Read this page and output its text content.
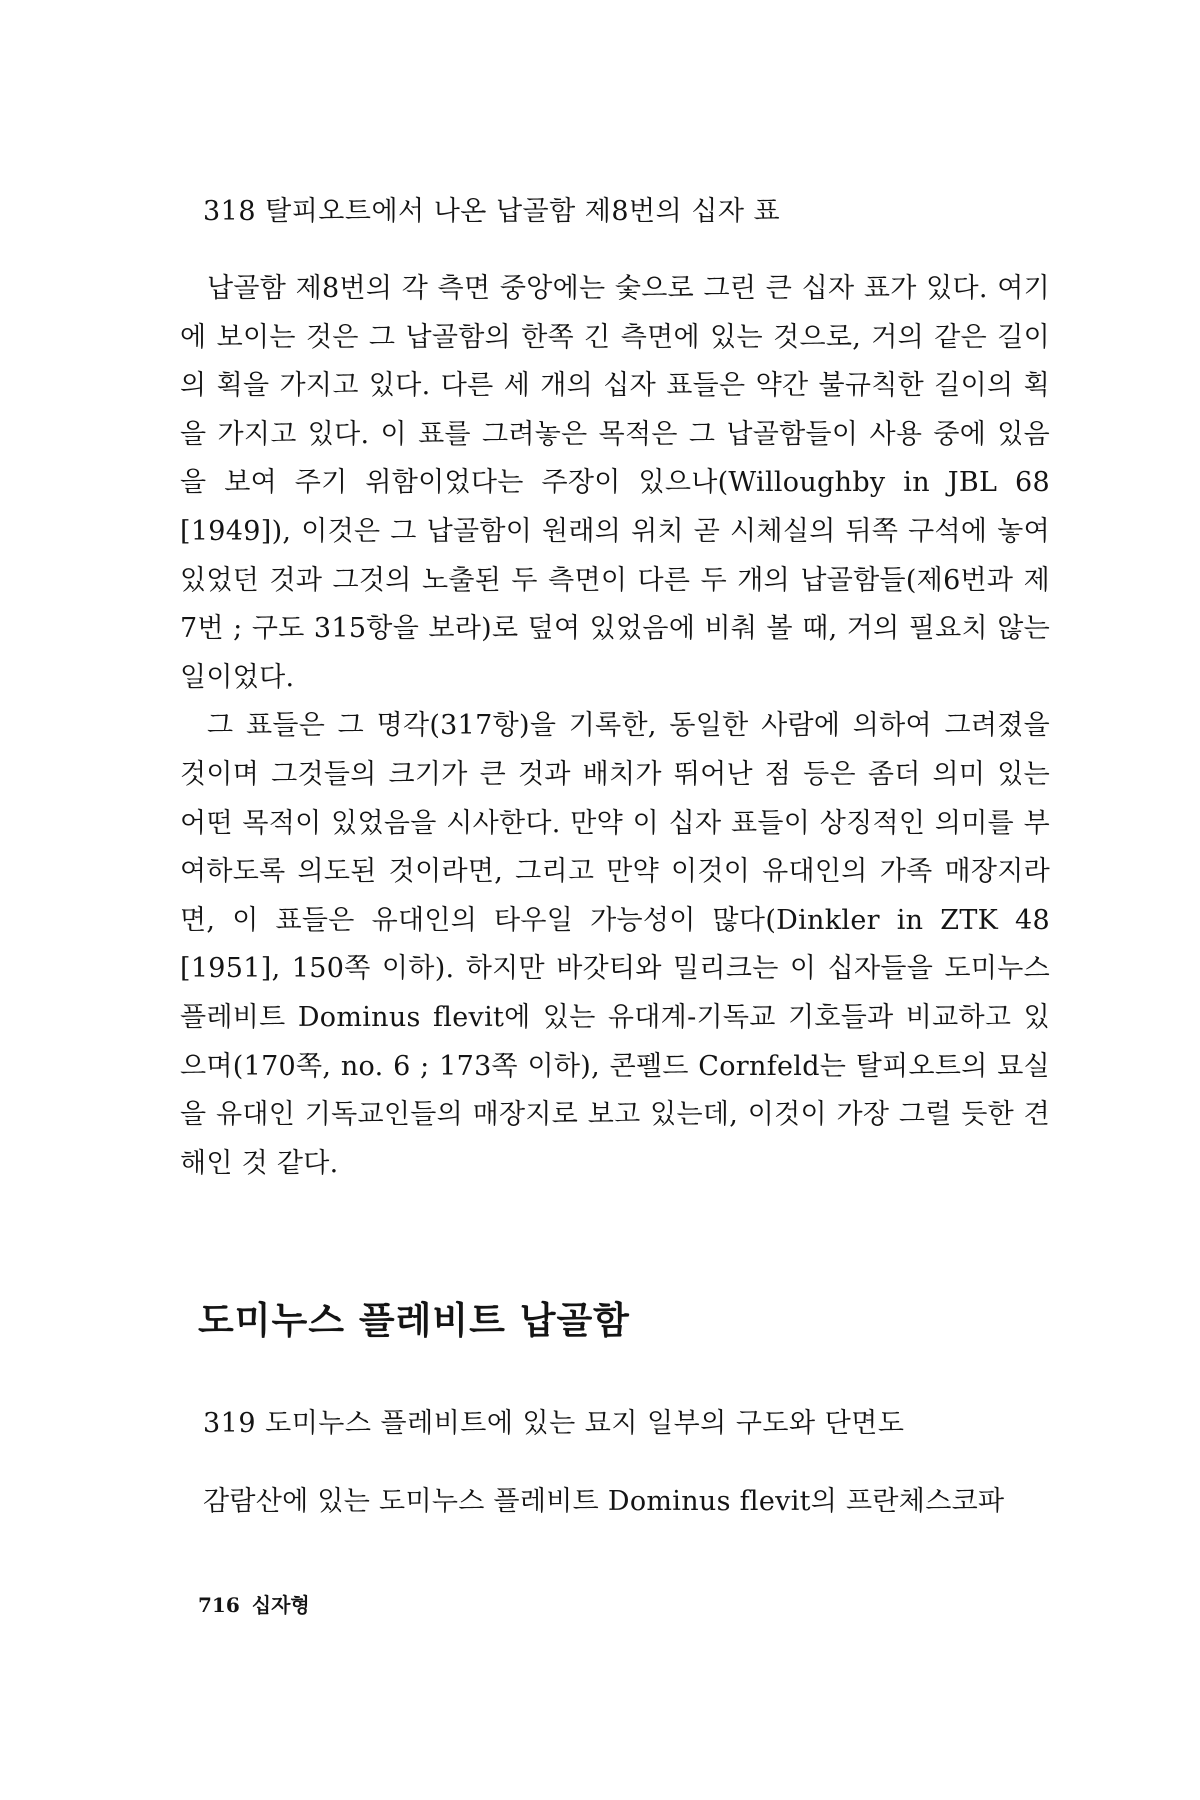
318 탈피오트에서 나온 납골함 제8번의 십자 표

납골함 제8번의 각 측면 중앙에는 숯으로 그린 큰 십자 표가 있다. 여기에 보이는 것은 그 납골함의 한쪽 긴 측면에 있는 것으로, 거의 같은 길이의 획을 가지고 있다. 다른 세 개의 십자 표들은 약간 불규칙한 길이의 획을 가지고 있다. 이 표를 그려놓은 목적은 그 납골함들이 사용 중에 있음을 보여 주기 위함이었다는 주장이 있으나(Willoughby in JBL 68 [1949]), 이것은 그 납골함이 원래의 위치 곧 시체실의 뒤쪽 구석에 놓여 있었던 것과 그것의 노출된 두 측면이 다른 두 개의 납골함들(제6번과 제7번 ; 구도 315항을 보라)로 덮여 있었음에 비춰 볼 때, 거의 필요치 않는 일이었다.

그 표들은 그 명각(317항)을 기록한, 동일한 사람에 의하여 그려졌을 것이며 그것들의 크기가 큰 것과 배치가 뛰어난 점 등은 좀더 의미 있는 어떤 목적이 있었음을 시사한다. 만약 이 십자 표들이 상징적인 의미를 부여하도록 의도된 것이라면, 그리고 만약 이것이 유대인의 가족 매장지라면, 이 표들은 유대인의 타우일 가능성이 많다(Dinkler in ZTK 48 [1951], 150쪽 이하). 하지만 바갓티와 밀리크는 이 십자들을 도미누스 플레비트 Dominus flevit에 있는 유대계-기독교 기호들과 비교하고 있으며(170쪽, no. 6 ; 173쪽 이하), 콘펠드 Cornfeld는 탈피오트의 묘실을 유대인 기독교인들의 매장지로 보고 있는데, 이것이 가장 그럴 듯한 견해인 것 같다.

도미누스 플레비트 납골함
319 도미누스 플레비트에 있는 묘지 일부의 구도와 단면도
감람산에 있는 도미누스 플레비트 Dominus flevit의 프란체스코파
716 십자형
